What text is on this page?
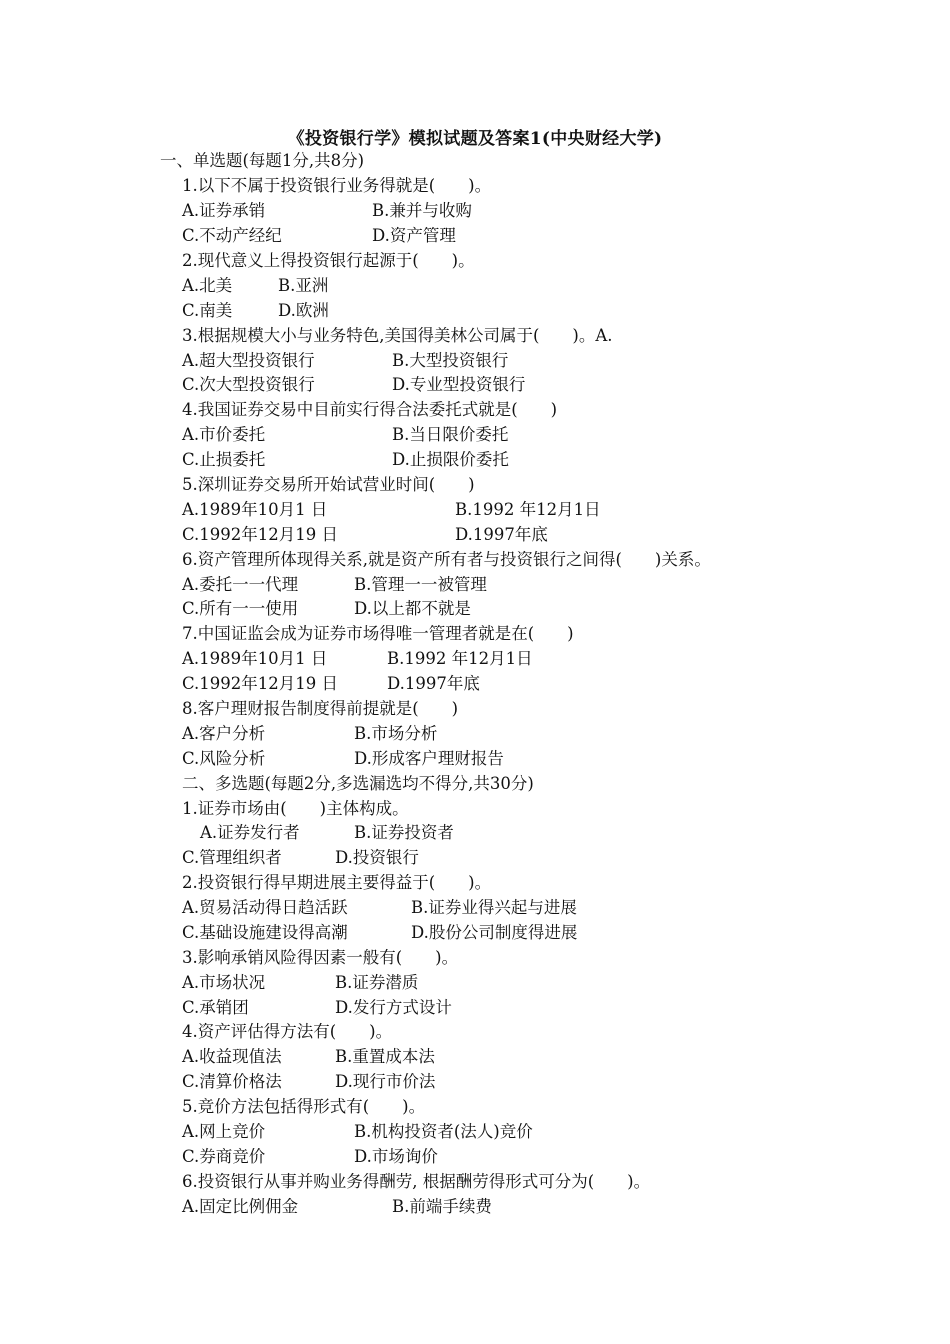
《投资银行学》模拟试题及答案1(中央财经大学)
一、单选题(每题1分,共8分)
1.以下不属于投资银行业务得就是(　　)。
A.证券承销	B.兼并与收购
C.不动产经纪	D.资产管理
2.现代意义上得投资银行起源于(　　)。
A.北美	B.亚洲
C.南美	D.欧洲
3.根据规模大小与业务特色,美国得美林公司属于(　　)。A.
A.超大型投资银行	B.大型投资银行
C.次大型投资银行	D.专业型投资银行
4.我国证券交易中目前实行得合法委托式就是(　　)
A.市价委托	B.当日限价委托
C.止损委托	D.止损限价委托
5.深圳证券交易所开始试营业时间(　　)
A.1989年10月1 日	B.1992 年12月1日
C.1992年12月19 日	D.1997年底
6.资产管理所体现得关系,就是资产所有者与投资银行之间得(　　)关系。
A.委托一一代理	B.管理一一被管理
C.所有一一使用	D.以上都不就是
7.中国证监会成为证券市场得唯一管理者就是在(　　)
A.1989年10月1 日	B.1992 年12月1日
C.1992年12月19 日	D.1997年底
8.客户理财报告制度得前提就是(　　)
A.客户分析	B.市场分析
C.风险分析	D.形成客户理财报告
二、多选题(每题2分,多选漏选均不得分,共30分)
1.证券市场由(　　)主体构成。
A.证券发行者	B.证券投资者
C.管理组织者	D.投资银行
2.投资银行得早期进展主要得益于(　　)。
A.贸易活动得日趋活跃	B.证券业得兴起与进展
C.基础设施建设得高潮	D.股份公司制度得进展
3.影响承销风险得因素一般有(　　)。
A.市场状况	B.证券潜质
C.承销团	D.发行方式设计
4.资产评估得方法有(　　)。
A.收益现值法	B.重置成本法
C.清算价格法	D.现行市价法
5.竞价方法包括得形式有(　　)。
A.网上竞价	B.机构投资者(法人)竞价
C.券商竞价	D.市场询价
6.投资银行从事并购业务得酬劳, 根据酬劳得形式可分为(　　)。
A.固定比例佣金	B.前端手续费
